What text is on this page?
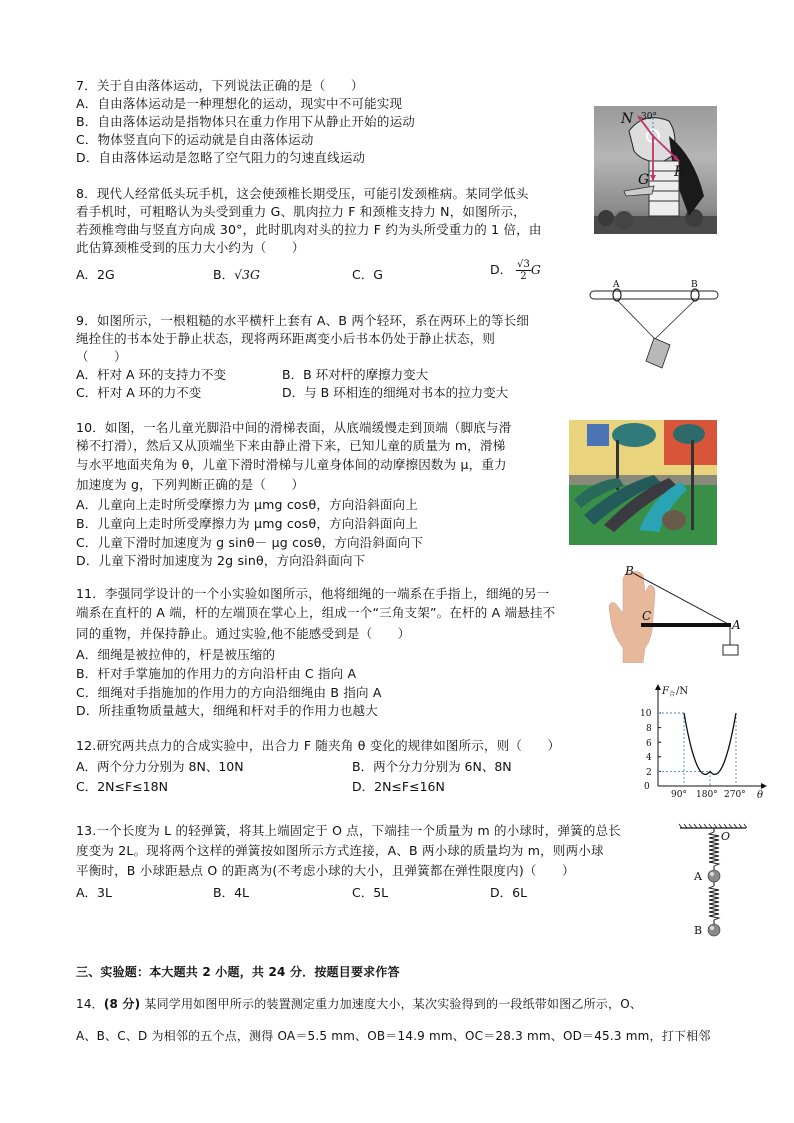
7．关于自由落体运动，下列说法正确的是（　　）
A．自由落体运动是一种理想化的运动，现实中不可能实现
B．自由落体运动是指物体只在重力作用下从静止开始的运动
C．物体竖直向下的运动就是自由落体运动
D．自由落体运动是忽略了空气阻力的匀速直线运动
8．现代人经常低头玩手机，这会使颈椎长期受压，可能引发颈椎病。某同学低头
看手机时，可粗略认为头受到重力 G、肌肉拉力 F 和颈椎支持力 N，如图所示，
若颈椎弯曲与竖直方向成 30°，此时肌肉对头的拉力 F 约为头所受重力的 1 倍，由
此估算颈椎受到的压力大小约为（　　）
A．2G	B．√3G	C．G	D． $\frac{√3}{2}$ G
N 30°
G F
9．如图所示，一根粗糙的水平横杆上套有 A、B 两个轻环，系在两环上的等长细
绳拴住的书本处于静止状态，现将两环距离变小后书本仍处于静止状态，则
（　　）
A．杆对 A 环的支持力不变	B．B 环对杆的摩擦力变大
C．杆对 A 环的力不变	D．与 B 环相连的细绳对书本的拉力变大
A	B
10．如图，一名儿童光脚沿中间的滑梯表面，从底端缓慢走到顶端（脚底与滑
梯不打滑），然后又从顶端坐下来由静止滑下来，已知儿童的质量为 m，滑梯
与水平地面夹角为 θ，儿童下滑时滑梯与儿童身体间的动摩擦因数为 μ，重力
加速度为 g，下列判断正确的是（　　）
A．儿童向上走时所受摩擦力为 μmg cosθ，方向沿斜面向上
B．儿童向上走时所受摩擦力为 μmg cosθ，方向沿斜面向上
C．儿童下滑时加速度为 g sinθ－ μg cosθ，方向沿斜面向下
D．儿童下滑时加速度为 2g sinθ，方向沿斜面向下
11．李强同学设计的一个小实验如图所示，他将细绳的一端系在手指上，细绳的另一
端系在直杆的 A 端，杆的左端顶在掌心上，组成一个“三角支架”。在杆的 A 端悬挂不
同的重物，并保持静止。通过实验,他不能感受到是（　　）
A．细绳是被拉伸的，杆是被压缩的
B．杆对手掌施加的作用力的方向沿杆由 C 指向 A
C．细绳对手指施加的作用力的方向沿细绳由 B 指向 A
D．所挂重物质量越大，细绳和杆对手的作用力也越大
B
C
A
12.研究两共点力的合成实验中，出合力 F 随夹角 θ 变化的规律如图所示，则（　　）
A．两个分力分别为 8N、10N	B．两个分力分别为 6N、8N
C．2N≤F≤18N	D．2N≤F≤16N	0
2
4
6
8
10
90° 180° 270° θ
F 合 /N
13.一个长度为 L 的轻弹簧，将其上端固定于 O 点，下端挂一个质量为 m 的小球时，弹簧的总长
度变为 2L。现将两个这样的弹簧按如图所示方式连接，A、B 两小球的质量均为 m，则两小球
平衡时，B 小球距悬点 O 的距离为(不考虑小球的大小，且弹簧都在弹性限度内)（　　）
A．3L	B．4L	C．5L	D．6L
O
A
B
三、实验题：本大题共 2 小题，共 24 分．按题目要求作答
14．(8 分) 某同学用如图甲所示的装置测定重力加速度大小，某次实验得到的一段纸带如图乙所示，O、
A、B、C、D 为相邻的五个点，测得 OA＝5.5 mm、OB＝14.9 mm、OC＝28.3 mm、OD＝45.3 mm，打下相邻
